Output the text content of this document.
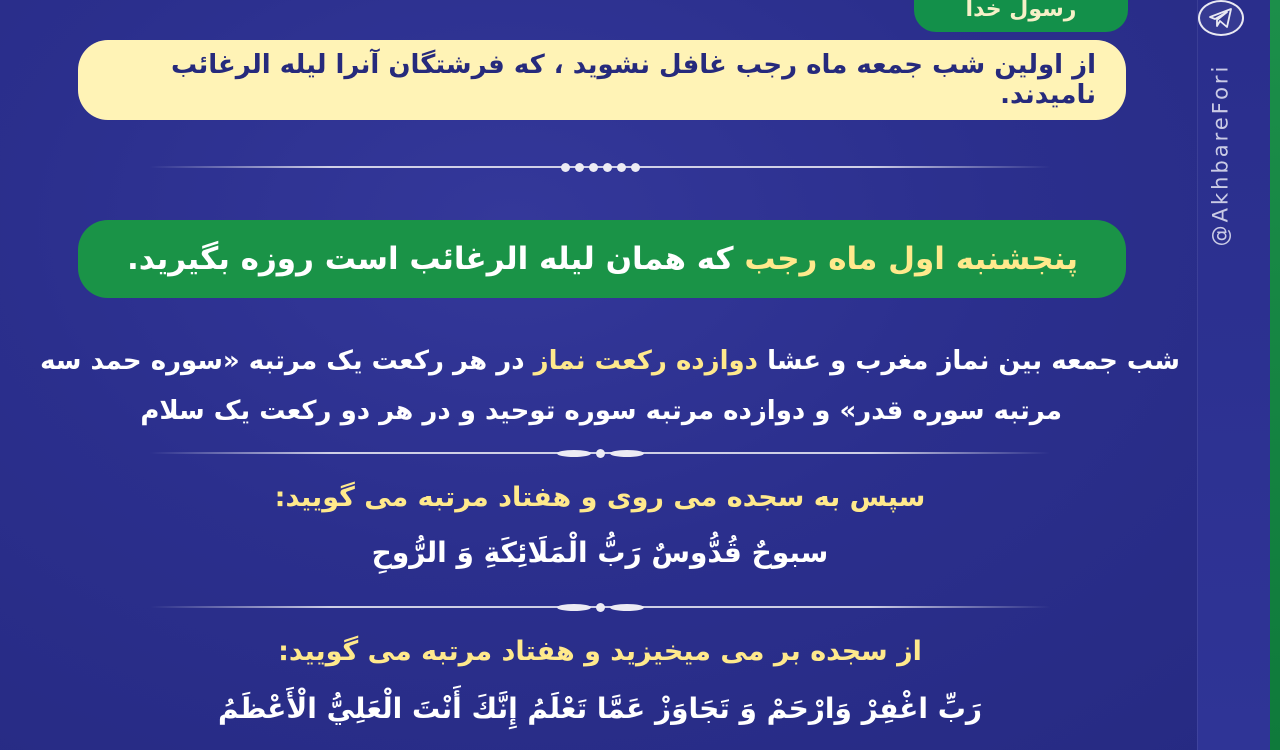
@AkhbareFori
رسول خدا
از اولین شب جمعه ماه رجب غافل نشوید ، که فرشتگان آنرا لیله الرغائب نامیدند.
پنجشنبه اول ماه رجب که همان لیله الرغائب است روزه بگیرید.
شب جمعه بین نماز مغرب و عشا دوازده رکعت نماز در هر رکعت یک مرتبه «سوره حمد سه
مرتبه سوره قدر» و دوازده مرتبه سوره توحید و در هر دو رکعت یک سلام
سپس به سجده می روی و هفتاد مرتبه می گویید:
سبوحٌ قُدُّوسٌ رَبُّ الْمَلَائِکَةِ وَ الرُّوحِ
از سجده بر می میخیزید و هفتاد مرتبه می گویید:
رَبِّ اغْفِرْ وَارْحَمْ وَ تَجَاوَزْ عَمَّا تَعْلَمُ إِنَّكَ أَنْتَ الْعَلِيُّ الْأَعْظَمُ
